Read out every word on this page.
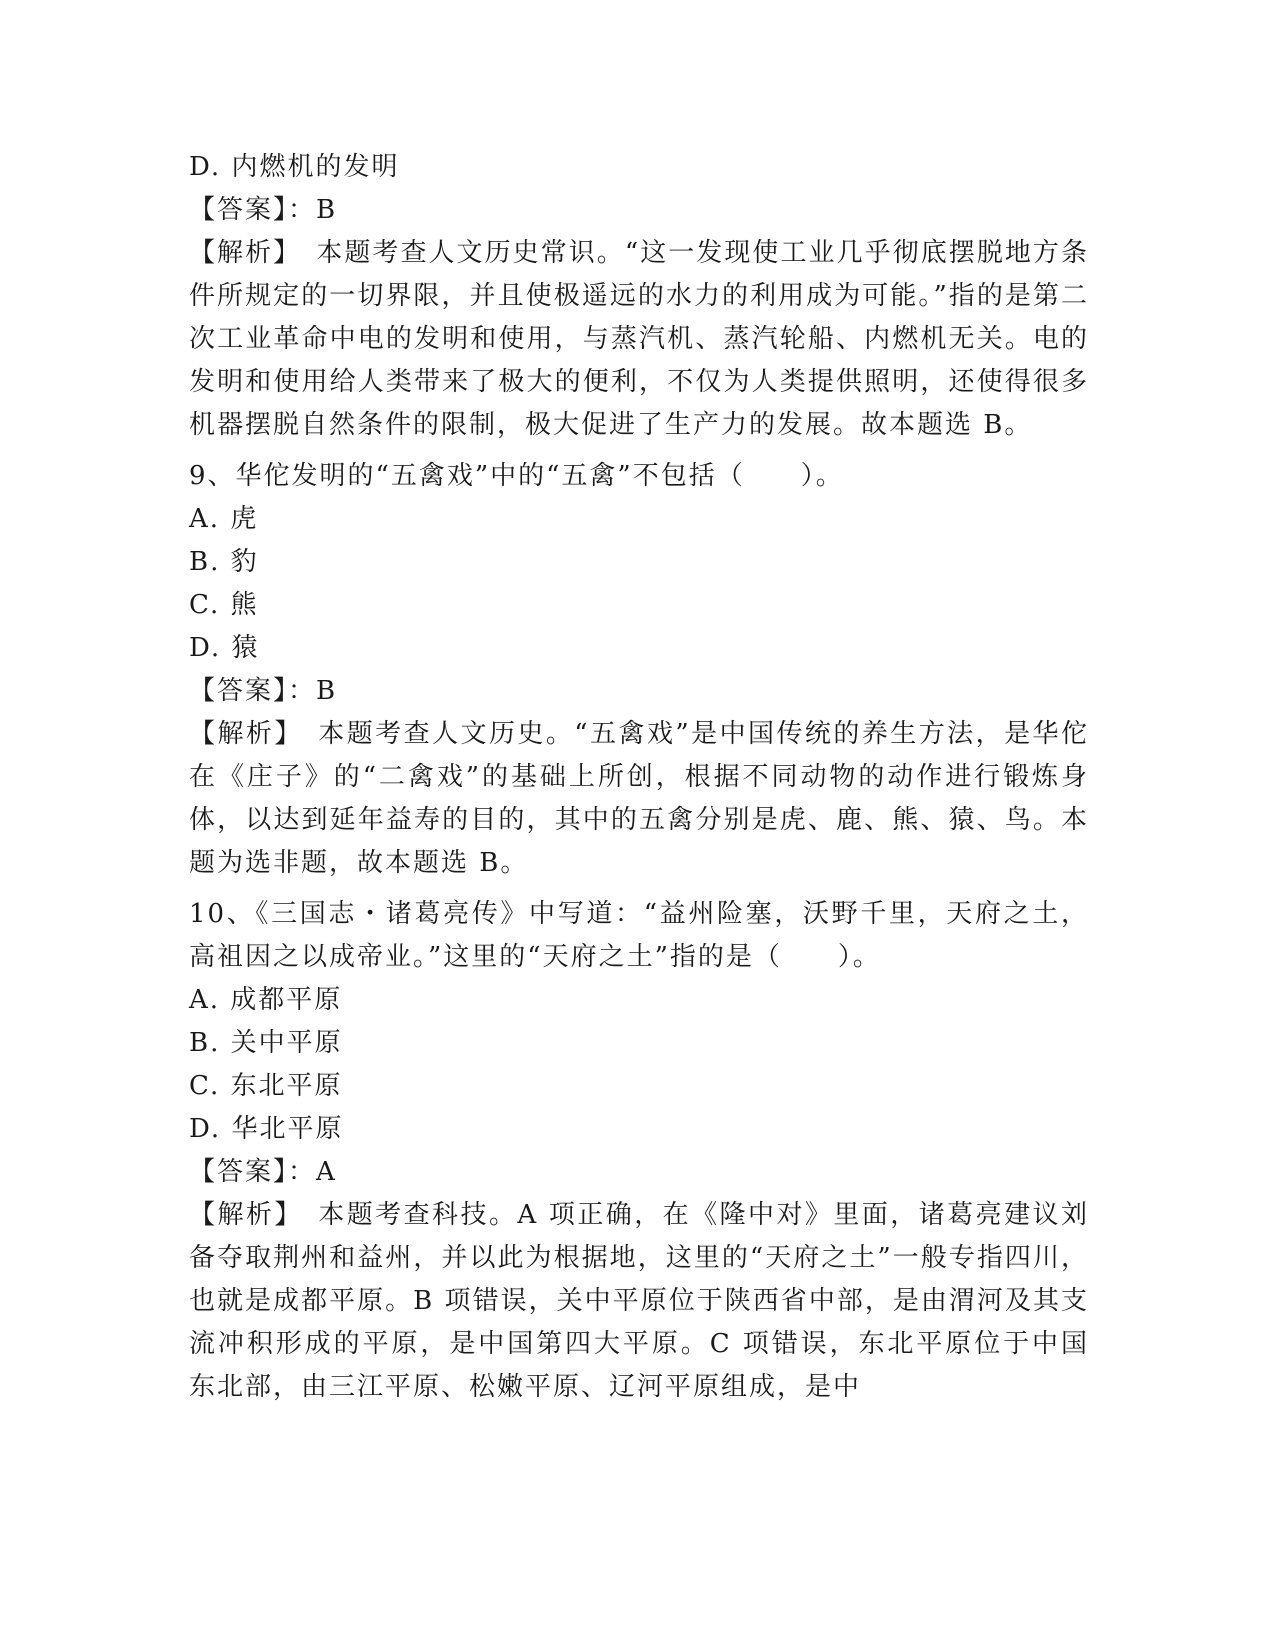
D. 内燃机的发明
【答案】：B

【解析】　 本题考查人文历史常识。“这一发现使工业几乎彻底摆脱地方条件所规定的一切界限，并且使极遥远的水力的利用成为可能。”指的是第二次工业革命中电的发明和使用，与蒸汽机、蒸汽轮船、内燃机无关。电的发明和使用给人类带来了极大的便利，不仅为人类提供照明，还使得很多机器摆脱自然条件的限制，极大促进了生产力的发展。故本题选 B。

9、华佗发明的“五禽戏”中的“五禽”不包括（　　）。
A. 虎
B. 豹
C. 熊
D. 猿
【答案】：B

【解析】　 本题考查人文历史。“五禽戏”是中国传统的养生方法，是华佗在《庄子》的“二禽戏”的基础上所创，根据不同动物的动作进行锻炼身体，以达到延年益寿的目的，其中的五禽分别是虎、鹿、熊、猿、鸟。本题为选非题，故本题选 B。

10、《三国志・诸葛亮传》中写道：“益州险塞，沃野千里，天府之土，高祖因之以成帝业。”这里的“天府之土”指的是（　　）。

A. 成都平原
B. 关中平原
C. 东北平原
D. 华北平原
【答案】：A

【解析】　 本题考查科技。A 项正确，在《隆中对》里面，诸葛亮建议刘备夺取荆州和益州，并以此为根据地，这里的“天府之土”一般专指四川，也就是成都平原。B 项错误，关中平原位于陕西省中部，是由渭河及其支流冲积形成的平原，是中国第四大平原。C 项错误，东北平原位于中国东北部，由三江平原、松嫩平原、辽河平原组成，是中
